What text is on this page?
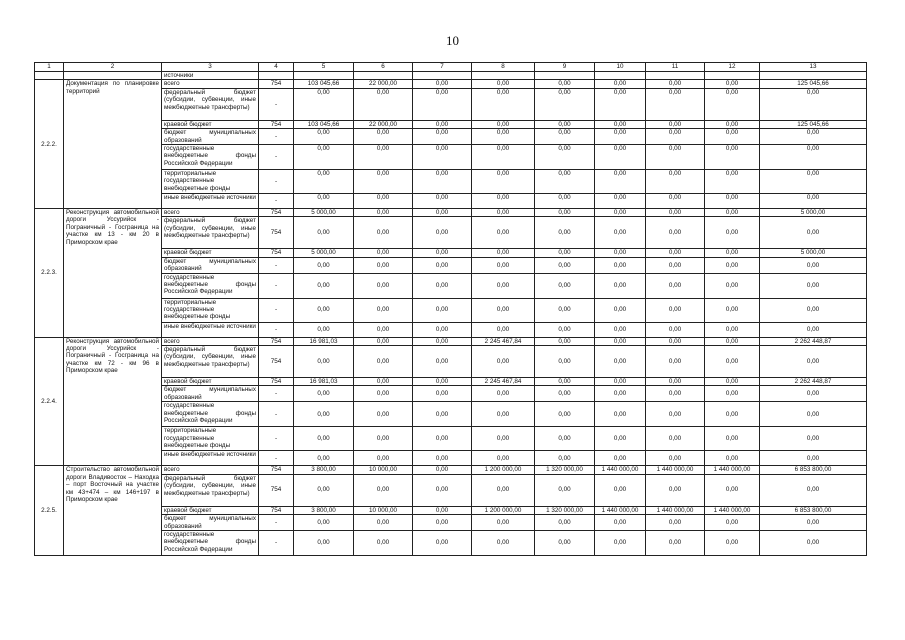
10
1	2	3	4	5	6	7	8	9	10	11	12	13
		источники										
2.2.2.	Документация по планировке территорий	всего	754	103 045,66	22 000,00	0,00	0,00	0,00	0,00	0,00	0,00	125 045,66
		федеральный бюджет (субсидии, субвенции, иные межбюджетные трансферты)	-	0,00	0,00	0,00	0,00	0,00	0,00	0,00	0,00	0,00
		краевой бюджет	754	103 045,66	22 000,00	0,00	0,00	0,00	0,00	0,00	0,00	125 045,66
		бюджет муниципальных образований	-	0,00	0,00	0,00	0,00	0,00	0,00	0,00	0,00	0,00
		государственные внебюджетные фонды Российской Федерации	-	0,00	0,00	0,00	0,00	0,00	0,00	0,00	0,00	0,00
		территориальные государственные внебюджетные фонды	-	0,00	0,00	0,00	0,00	0,00	0,00	0,00	0,00	0,00
		иные внебюджетные источники	-	0,00	0,00	0,00	0,00	0,00	0,00	0,00	0,00	0,00
2.2.3.	Реконструкция автомобильной дороги Уссурийск - Пограничный - Госграница на участке км 13 - км 20 в Приморском крае	всего	754	5 000,00	0,00	0,00	0,00	0,00	0,00	0,00	0,00	5 000,00
		федеральный бюджет (субсидии, субвенции, иные межбюджетные трансферты)	754	0,00	0,00	0,00	0,00	0,00	0,00	0,00	0,00	0,00
		краевой бюджет	754	5 000,00	0,00	0,00	0,00	0,00	0,00	0,00	0,00	5 000,00
		бюджет муниципальных образований	-	0,00	0,00	0,00	0,00	0,00	0,00	0,00	0,00	0,00
		государственные внебюджетные фонды Российской Федерации	-	0,00	0,00	0,00	0,00	0,00	0,00	0,00	0,00	0,00
		территориальные государственные внебюджетные фонды	-	0,00	0,00	0,00	0,00	0,00	0,00	0,00	0,00	0,00
		иные внебюджетные источники	-	0,00	0,00	0,00	0,00	0,00	0,00	0,00	0,00	0,00
2.2.4.	Реконструкция автомобильной дороги Уссурийск - Пограничный - Госграница на участке км 72 - км 96 в Приморском крае	всего	754	16 981,03	0,00	0,00	2 245 467,84	0,00	0,00	0,00	0,00	2 262 448,87
		федеральный бюджет (субсидии, субвенции, иные межбюджетные трансферты)	754	0,00	0,00	0,00	0,00	0,00	0,00	0,00	0,00	0,00
		краевой бюджет	754	16 981,03	0,00	0,00	2 245 467,84	0,00	0,00	0,00	0,00	2 262 448,87
		бюджет муниципальных образований	-	0,00	0,00	0,00	0,00	0,00	0,00	0,00	0,00	0,00
		государственные внебюджетные фонды Российской Федерации	-	0,00	0,00	0,00	0,00	0,00	0,00	0,00	0,00	0,00
		территориальные государственные внебюджетные фонды	-	0,00	0,00	0,00	0,00	0,00	0,00	0,00	0,00	0,00
		иные внебюджетные источники	-	0,00	0,00	0,00	0,00	0,00	0,00	0,00	0,00	0,00
2.2.5.	Строительство автомобильной дороги Владивосток – Находка – порт Восточный на участке км 43+474 – км 146+197 в Приморском крае	всего	754	3 800,00	10 000,00	0,00	1 200 000,00	1 320 000,00	1 440 000,00	1 440 000,00	1 440 000,00	6 853 800,00
		федеральный бюджет (субсидии, субвенции, иные межбюджетные трансферты)	754	0,00	0,00	0,00	0,00	0,00	0,00	0,00	0,00	0,00
		краевой бюджет	754	3 800,00	10 000,00	0,00	1 200 000,00	1 320 000,00	1 440 000,00	1 440 000,00	1 440 000,00	6 853 800,00
		бюджет муниципальных образований	-	0,00	0,00	0,00	0,00	0,00	0,00	0,00	0,00	0,00
		государственные внебюджетные фонды Российской Федерации	-	0,00	0,00	0,00	0,00	0,00	0,00	0,00	0,00	0,00
